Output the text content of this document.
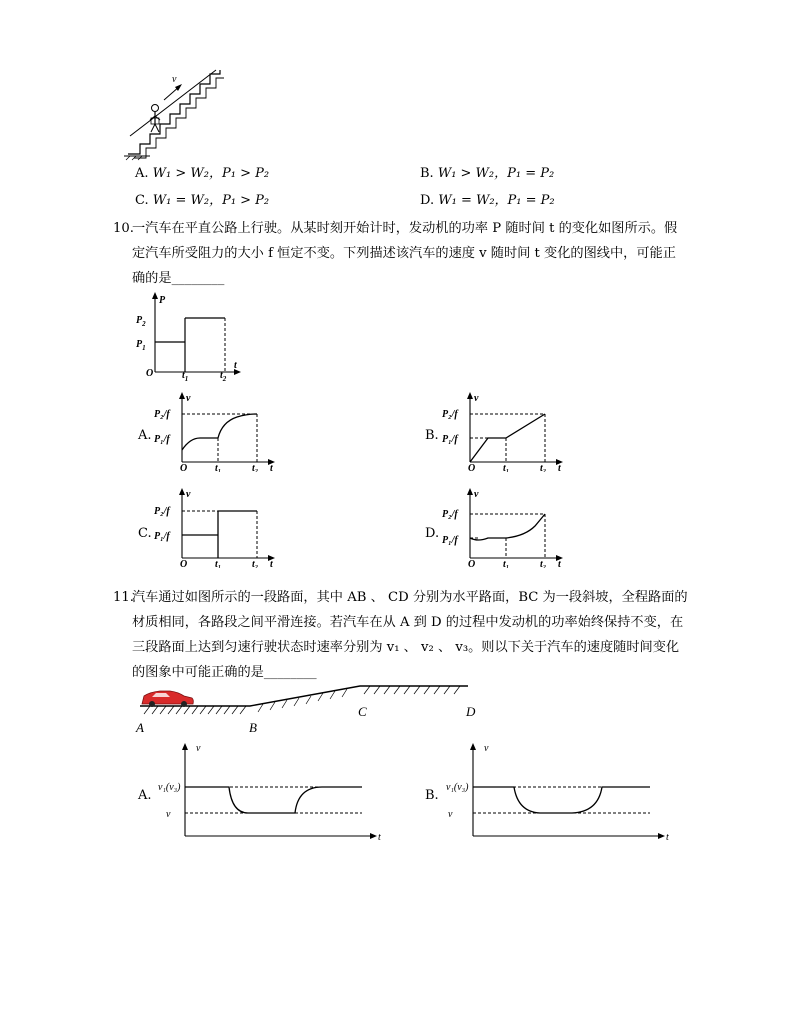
v
A. W₁ > W₂，P₁ > P₂	B. W₁ > W₂，P₁ = P₂
C. W₁ = W₂，P₁ > P₂	D. W₁ = W₂，P₁ = P₂
10.
一汽车在平直公路上行驶。从某时刻开始计时，发动机的功率 P 随时间 t 的变化如图所示。假
定汽车所受阻力的大小 f 恒定不变。下列描述该汽车的速度 v 随时间 t 变化的图线中，可能正
确的是________
P
t
O
$P_2$
$P_1$
$t_1$	$t_2$
A.
v
t
O
P₂/f
P₁/f
t₁	t₂
B.
v
t
O
P₂/f
P₁/f
t₁	t₂
C.
v
t
O
P₂/f
P₁/f
t₁	t₂
D.
v
t
O
P₂/f
P₁/f
t₁	t₂
11.
汽车通过如图所示的一段路面，其中 AB 、 CD 分别为水平路面，BC 为一段斜坡，全程路面的
材质相同，各路段之间平滑连接。若汽车在从 A 到 D 的过程中发动机的功率始终保持不变，在
三段路面上达到匀速行驶状态时速率分别为 v₁ 、 v₂ 、 v₃。则以下关于汽车的速度随时间变化
的图象中可能正确的是________
A	B
C	D
A.
v
t
v₁(v₃)
v
B.
v
t
v₁(v₃)
v
